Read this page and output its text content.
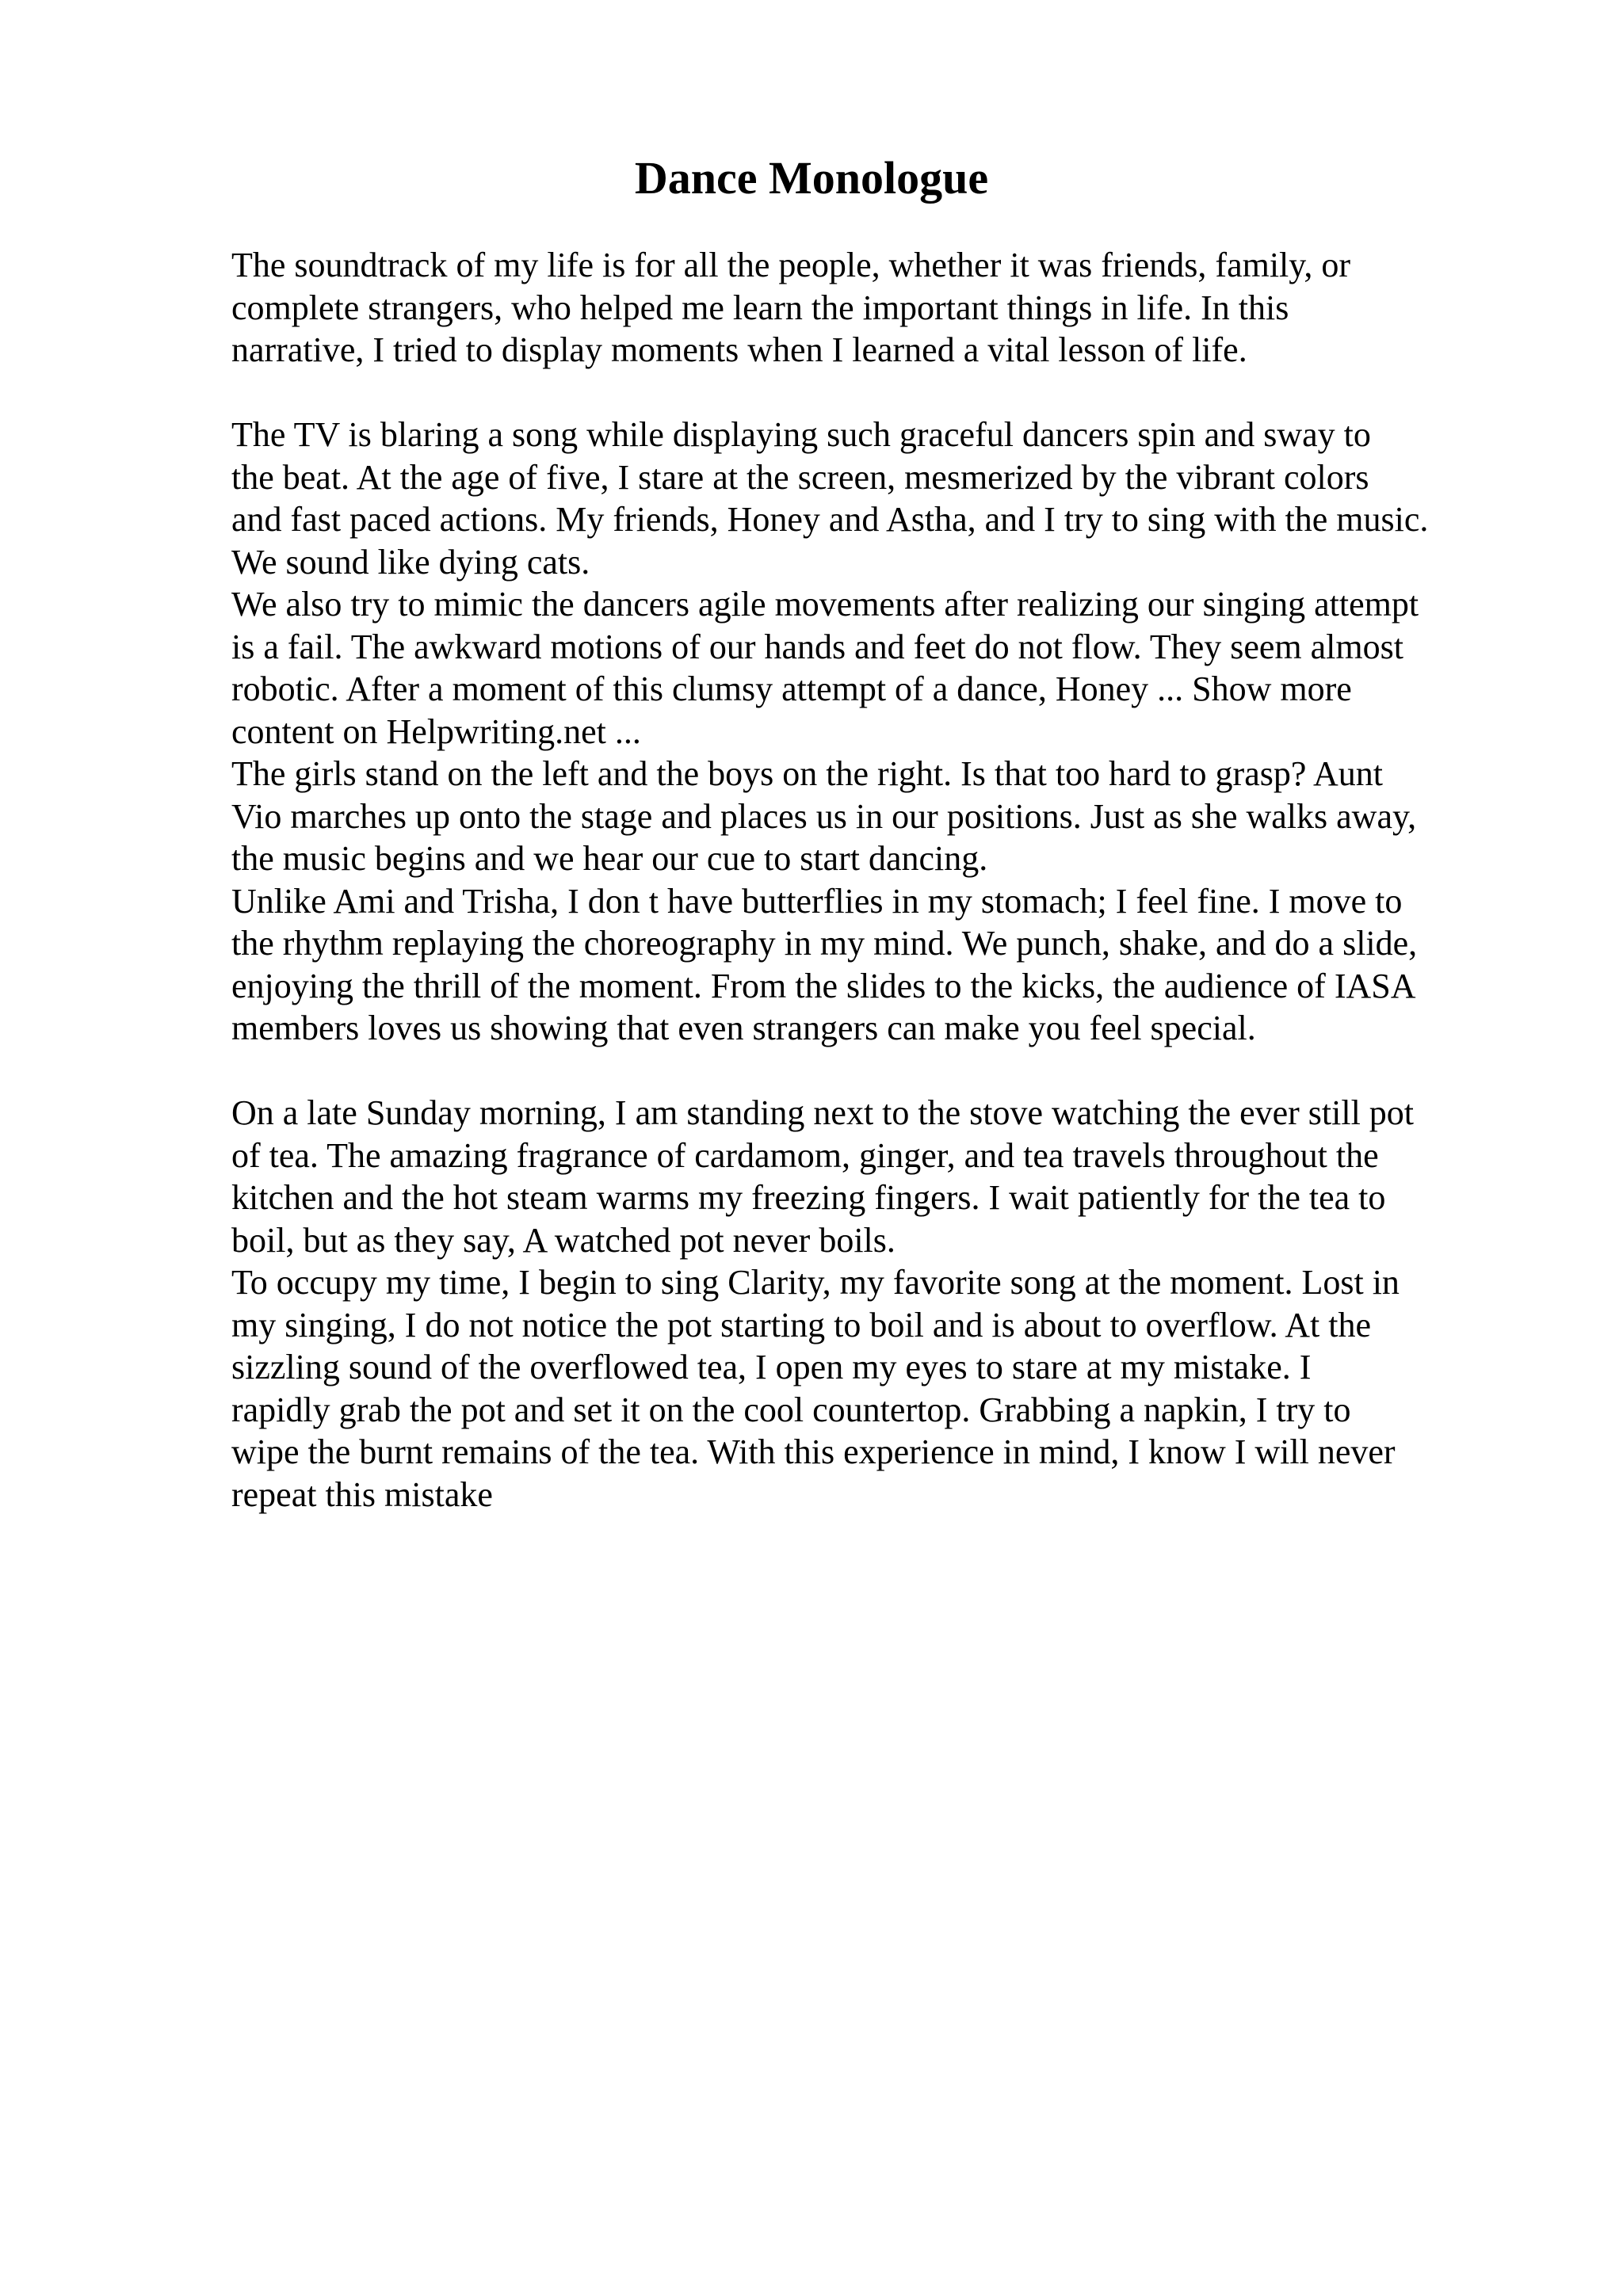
Dance Monologue
The soundtrack of my life is for all the people, whether it was friends, family, or
complete strangers, who helped me learn the important things in life. In this
narrative, I tried to display moments when I learned a vital lesson of life.
The TV is blaring a song while displaying such graceful dancers spin and sway to
the beat. At the age of five, I stare at the screen, mesmerized by the vibrant colors
and fast paced actions. My friends, Honey and Astha, and I try to sing with the music.
We sound like dying cats.
We also try to mimic the dancers agile movements after realizing our singing attempt
is a fail. The awkward motions of our hands and feet do not flow. They seem almost
robotic. After a moment of this clumsy attempt of a dance, Honey ... Show more
content on Helpwriting.net ...
The girls stand on the left and the boys on the right. Is that too hard to grasp? Aunt
Vio marches up onto the stage and places us in our positions. Just as she walks away,
the music begins and we hear our cue to start dancing.
Unlike Ami and Trisha, I don t have butterflies in my stomach; I feel fine. I move to
the rhythm replaying the choreography in my mind. We punch, shake, and do a slide,
enjoying the thrill of the moment. From the slides to the kicks, the audience of IASA
members loves us showing that even strangers can make you feel special.
On a late Sunday morning, I am standing next to the stove watching the ever still pot
of tea. The amazing fragrance of cardamom, ginger, and tea travels throughout the
kitchen and the hot steam warms my freezing fingers. I wait patiently for the tea to
boil, but as they say, A watched pot never boils.
To occupy my time, I begin to sing Clarity, my favorite song at the moment. Lost in
my singing, I do not notice the pot starting to boil and is about to overflow. At the
sizzling sound of the overflowed tea, I open my eyes to stare at my mistake. I
rapidly grab the pot and set it on the cool countertop. Grabbing a napkin, I try to
wipe the burnt remains of the tea. With this experience in mind, I know I will never
repeat this mistake
